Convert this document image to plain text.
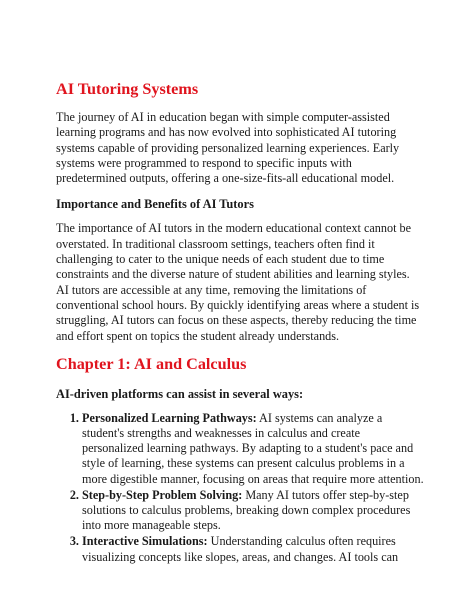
AI Tutoring Systems

The journey of AI in education began with simple computer-assisted learning programs and has now evolved into sophisticated AI tutoring systems capable of providing personalized learning experiences. Early systems were programmed to respond to specific inputs with predetermined outputs, offering a one-size-fits-all educational model.

Importance and Benefits of AI Tutors

The importance of AI tutors in the modern educational context cannot be overstated. In traditional classroom settings, teachers often find it challenging to cater to the unique needs of each student due to time constraints and the diverse nature of student abilities and learning styles. AI tutors are accessible at any time, removing the limitations of conventional school hours. By quickly identifying areas where a student is struggling, AI tutors can focus on these aspects, thereby reducing the time and effort spent on topics the student already understands.

Chapter 1: AI and Calculus
AI-driven platforms can assist in several ways:
1. Personalized Learning Pathways: AI systems can analyze a student's strengths and weaknesses in calculus and create personalized learning pathways. By adapting to a student's pace and style of learning, these systems can present calculus problems in a more digestible manner, focusing on areas that require more attention.
2. Step-by-Step Problem Solving: Many AI tutors offer step-by-step solutions to calculus problems, breaking down complex procedures into more manageable steps.
3. Interactive Simulations: Understanding calculus often requires visualizing concepts like slopes, areas, and changes. AI tools can
